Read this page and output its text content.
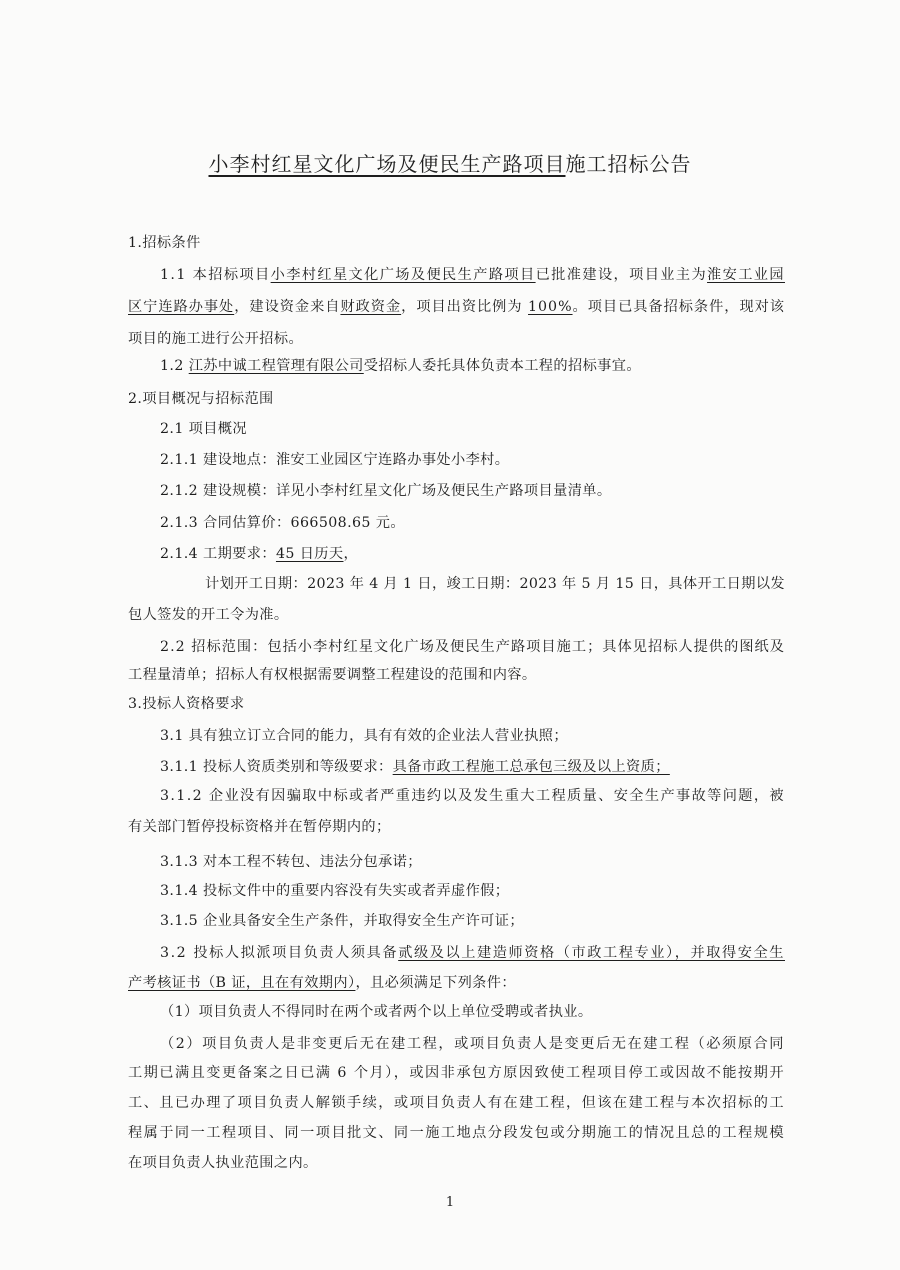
小李村红星文化广场及便民生产路项目施工招标公告
1.招标条件
1.1 本招标项目小李村红星文化广场及便民生产路项目已批准建设，项目业主为淮安工业园
区宁连路办事处，建设资金来自财政资金，项目出资比例为 100%。项目已具备招标条件，现对该
项目的施工进行公开招标。
1.2 江苏中诚工程管理有限公司受招标人委托具体负责本工程的招标事宜。
2.项目概况与招标范围
2.1 项目概况
2.1.1 建设地点：淮安工业园区宁连路办事处小李村。
2.1.2 建设规模：详见小李村红星文化广场及便民生产路项目量清单。
2.1.3 合同估算价：666508.65 元。
2.1.4 工期要求：45 日历天，
计划开工日期：2023 年 4 月 1 日，竣工日期：2023 年 5 月 15 日，具体开工日期以发
包人签发的开工令为准。
2.2 招标范围：包括小李村红星文化广场及便民生产路项目施工；具体见招标人提供的图纸及
工程量清单；招标人有权根据需要调整工程建设的范围和内容。
3.投标人资格要求
3.1 具有独立订立合同的能力，具有有效的企业法人营业执照；
3.1.1 投标人资质类别和等级要求：具备市政工程施工总承包三级及以上资质；
3.1.2 企业没有因骗取中标或者严重违约以及发生重大工程质量、安全生产事故等问题，被
有关部门暂停投标资格并在暂停期内的；
3.1.3 对本工程不转包、违法分包承诺；
3.1.4 投标文件中的重要内容没有失实或者弄虚作假；
3.1.5 企业具备安全生产条件，并取得安全生产许可证；
3.2 投标人拟派项目负责人须具备贰级及以上建造师资格（市政工程专业），并取得安全生
产考核证书（B 证，且在有效期内），且必须满足下列条件：
（1）项目负责人不得同时在两个或者两个以上单位受聘或者执业。
（2）项目负责人是非变更后无在建工程，或项目负责人是变更后无在建工程（必须原合同
工期已满且变更备案之日已满 6 个月），或因非承包方原因致使工程项目停工或因故不能按期开
工、且已办理了项目负责人解锁手续，或项目负责人有在建工程，但该在建工程与本次招标的工
程属于同一工程项目、同一项目批文、同一施工地点分段发包或分期施工的情况且总的工程规模
在项目负责人执业范围之内。
1
